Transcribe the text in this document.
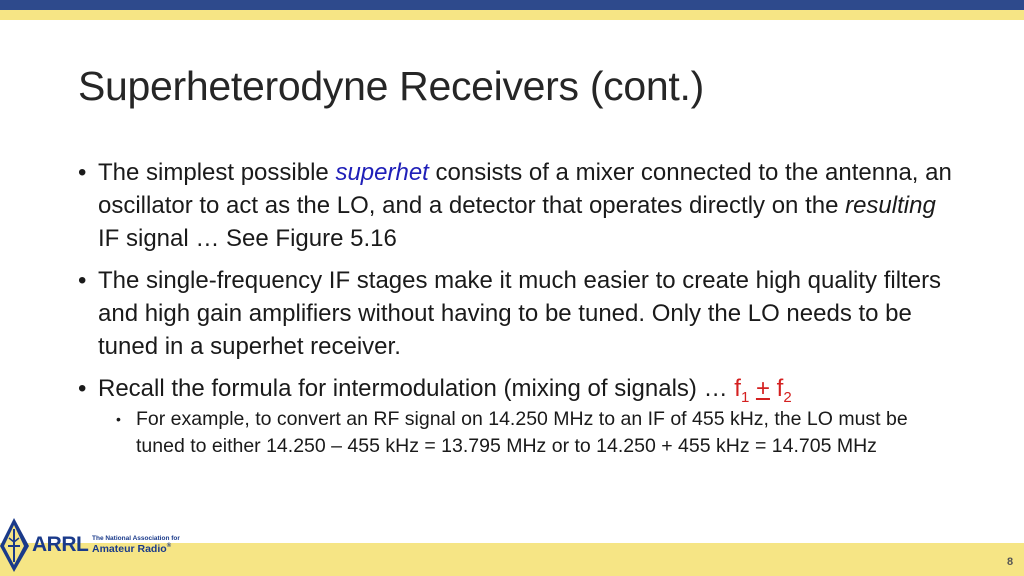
Superheterodyne Receivers (cont.)
• The simplest possible superhet consists of a mixer connected to the antenna, an oscillator to act as the LO, and a detector that operates directly on the resulting IF signal … See Figure 5.16
• The single-frequency IF stages make it much easier to create high quality filters and high gain amplifiers without having to be tuned. Only the LO needs to be tuned in a superhet receiver.
• Recall the formula for intermodulation (mixing of signals) … $f_1 + f_2$
• For example, to convert an RF signal on 14.250 MHz to an IF of 455 kHz, the LO must be tuned to either 14.250 – 455 kHz = 13.795 MHz or to 14.250 + 455 kHz = 14.705 MHz
ARRL The National Association for
Amateur Radio®
8
